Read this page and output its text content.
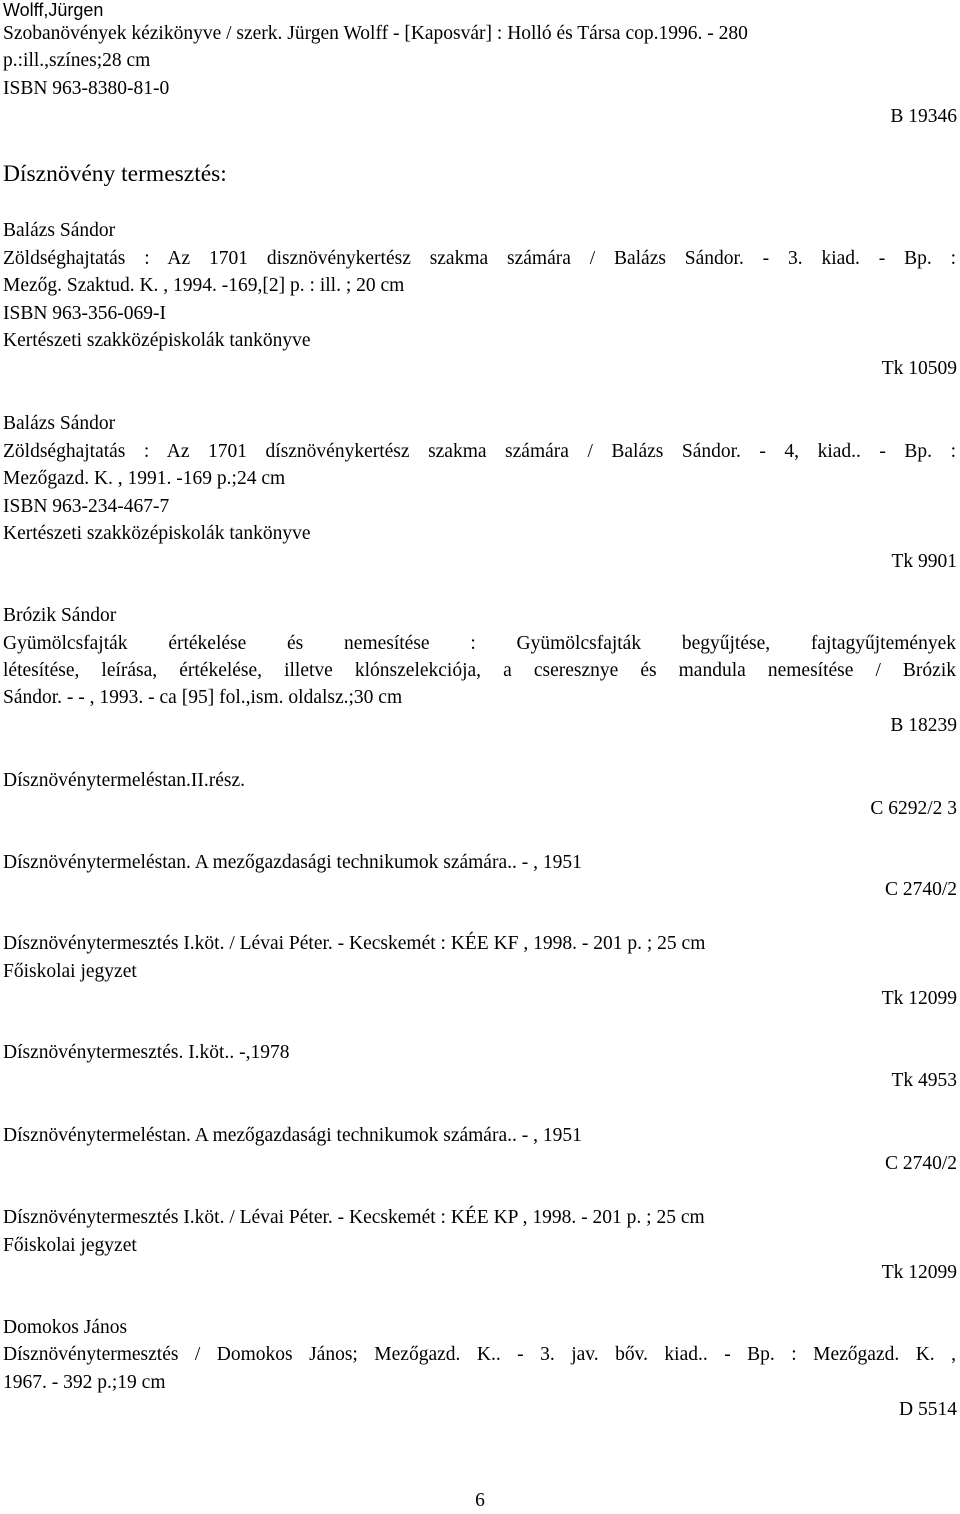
Wolff,Jürgen
Szobanövények kézikönyve / szerk. Jürgen Wolff - [Kaposvár] : Holló és Társa cop.1996. - 280
p.:ill.,színes;28 cm
ISBN 963-8380-81-0
B 19346
Dísznövény termesztés:
Balázs Sándor
Zöldséghajtatás : Az 1701 disznövénykertész szakma számára / Balázs Sándor. - 3. kiad. - Bp. :
Mezőg. Szaktud. K. , 1994. -169,[2] p. : ill. ; 20 cm
ISBN 963-356-069-I
Kertészeti szakközépiskolák tankönyve
Tk 10509
Balázs Sándor
Zöldséghajtatás : Az 1701 dísznövénykertész szakma számára / Balázs Sándor. - 4, kiad.. - Bp. :
Mezőgazd. K. , 1991. -169 p.;24 cm
ISBN 963-234-467-7
Kertészeti szakközépiskolák tankönyve
Tk 9901
Brózik Sándor
Gyümölcsfajták értékelése és nemesítése : Gyümölcsfajták begyűjtése, fajtagyűjtemények
létesítése, leírása, értékelése, illetve klónszelekciója, a cseresznye és mandula nemesítése / Brózik
Sándor. - - , 1993. - ca [95] fol.,ism. oldalsz.;30 cm
B 18239
Dísznövénytermeléstan.II.rész.
C 6292/2 3
Dísznövénytermeléstan. A mezőgazdasági technikumok számára.. - , 1951
C 2740/2
Dísznövénytermesztés I.köt. / Lévai Péter. - Kecskemét : KÉE KF , 1998. - 201 p. ; 25 cm
Főiskolai jegyzet
Tk 12099
Dísznövénytermesztés. I.köt.. -,1978
Tk 4953
Dísznövénytermeléstan. A mezőgazdasági technikumok számára.. - , 1951
C 2740/2
Dísznövénytermesztés I.köt. / Lévai Péter. - Kecskemét : KÉE KP , 1998. - 201 p. ; 25 cm
Főiskolai jegyzet
Tk 12099
Domokos János
Dísznövénytermesztés / Domokos János; Mezőgazd. K.. - 3. jav. bőv. kiad.. - Bp. : Mezőgazd. K. ,
1967. - 392 p.;19 cm
D 5514
6
